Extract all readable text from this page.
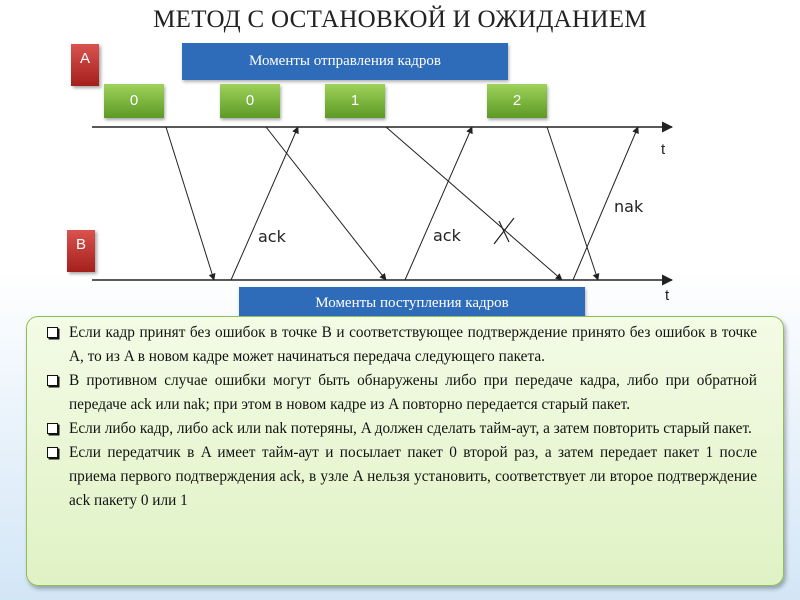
МЕТОД С ОСТАНОВКОЙ И ОЖИДАНИЕМ
A
B
Моменты отправления кадров
0	0	1	2
t
t
ack	ack
nak
Моменты поступления кадров
Если кадр принят без ошибок в точке B и соответствующее подтверждение принято без ошибок в точке A, то из A в новом кадре может начинаться передача следующего пакета.
В противном случае ошибки могут быть обнаружены либо при передаче кадра, либо при обратной передаче ack или nak; при этом в новом кадре из A повторно передается старый пакет.
Если либо кадр, либо ack или nak потеряны, A должен сделать тайм-аут, а затем повторить старый пакет.
Если передатчик в A имеет тайм-аут и посылает пакет 0 второй раз, а затем передает пакет 1 после приема первого подтверждения ack, в узле A нельзя установить, соответствует ли второе подтверждение ack пакету 0 или 1
